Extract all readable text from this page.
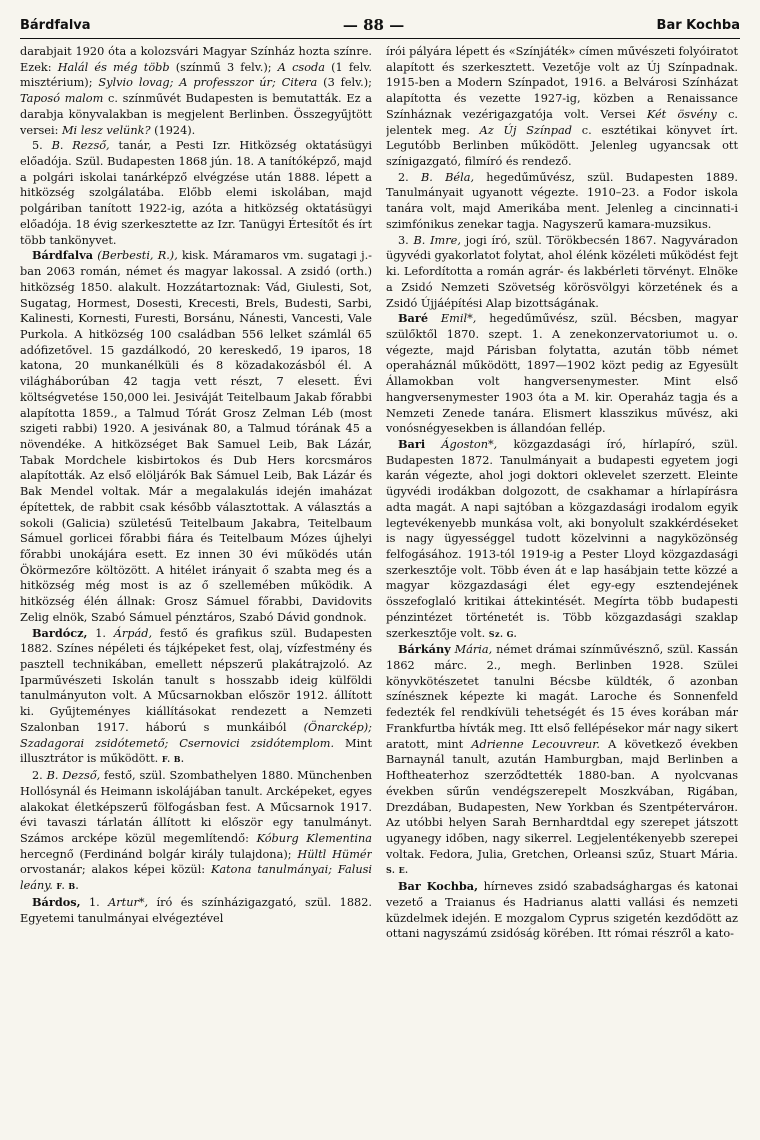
Bárdfalva	— 88 —	Bar Kochba

darabjait 1920 óta a kolozsvári Magyar Színház hozta színre. Ezek: Halál és még több (színmű 3 felv.); A csoda (1 felv. misztérium); Sylvio lovag; A professzor úr; Citera (3 felv.); Taposó malom c. színművét Budapesten is bemutatták. Ez a darabja könyvalakban is megjelent Berlinben. Összegyűjtött versei: Mi lesz velünk? (1924).

5. B. Rezső, tanár, a Pesti Izr. Hitközség oktatásügyi előadója. Szül. Budapesten 1868 jún. 18. A tanítóképző, majd a polgári iskolai tanárképző elvégzése után 1888. lépett a hitközség szolgálatába. Előbb elemi iskolában, majd polgáriban tanított 1922-ig, azóta a hitközség oktatásügyi előadója. 18 évig szerkesztette az Izr. Tanügyi Értesítőt és írt több tankönyvet.

Bárdfalva (Berbesti, R.), kisk. Máramaros vm. sugatagi j.-ban 2063 román, német és magyar lakossal. A zsidó (orth.) hitközség 1850. alakult. Hozzátartoznak: Vád, Giulesti, Sot, Sugatag, Hormest, Dosesti, Krecesti, Brels, Budesti, Sarbi, Kalinesti, Kornesti, Furesti, Borsánu, Nánesti, Vancesti, Vale Purkola. A hitközség 100 családban 556 lelket számlál 65 adófizetővel. 15 gazdálkodó, 20 kereskedő, 19 iparos, 18 katona, 20 munkanélküli és 8 közadakozásból él. A világháborúban 42 tagja vett részt, 7 elesett. Évi költségvetése 150,000 lei. Jesiváját Teitelbaum Jakab főrabbi alapította 1859., a Talmud Tórát Grosz Zelman Léb (most szigeti rabbi) 1920. A jesivának 80, a Talmud tórának 45 a növendéke. A hitközséget Bak Samuel Leib, Bak Lázár, Tabak Mordchele kisbirtokos és Dub Hers korcsmáros alapították. Az első elöljárók Bak Sámuel Leib, Bak Lázár és Bak Mendel voltak. Már a megalakulás idején imaházat építettek, de rabbit csak később választottak. A választás a sokoli (Galicia) születésű Teitelbaum Jakabra, Teitelbaum Sámuel gorlicei főrabbi fiára és Teitelbaum Mózes újhelyi főrabbi unokájára esett. Ez innen 30 évi működés után Ökörmezőre költözött. A hitélet irányait ő szabta meg és a hitközség még most is az ő szellemében működik. A hitközség élén állnak: Grosz Sámuel főrabbi, Davidovits Zelig elnök, Szabó Sámuel pénztáros, Szabó Dávid gondnok.

Bardócz, 1. Árpád, festő és grafikus szül. Budapesten 1882. Színes népéleti és tájképeket fest, olaj, vízfestmény és pasztell technikában, emellett népszerű plakátrajzoló. Az Iparművészeti Iskolán tanult s hosszabb ideig külföldi tanulmányuton volt. A Műcsarnokban először 1912. állított ki. Gyűjteményes kiállításokat rendezett a Nemzeti Szalonban 1917. háború s munkáiból (Önarckép); Szadagorai zsidótemető; Csernovici zsidótemplom. Mint illusztrátor is működött. F. B.

2. B. Dezső, festő, szül. Szombathelyen 1880. Münchenben Hollósynál és Heimann iskolájában tanult. Arcképeket, egyes alakokat életképszerű fölfogásban fest. A Műcsarnok 1917. évi tavaszi tárlatán állított ki először egy tanulmányt. Számos arcképe közül megemlítendő: Kóburg Klementina hercegnő (Ferdinánd bolgár király tulajdona); Hültl Hümér orvostanár; alakos képei közül: Katona tanulmányai; Falusi leány. F. B.

Bárdos, 1. Artur*, író és színházigazgató, szül. 1882. Egyetemi tanulmányai elvégeztével

írói pályára lépett és «Színjáték» címen művészeti folyóiratot alapított és szerkesztett. Vezetője volt az Új Színpadnak. 1915-ben a Modern Színpadot, 1916. a Belvárosi Színházat alapította és vezette 1927-ig, közben a Renaissance Színháznak vezérigazgatója volt. Versei Két ösvény c. jelentek meg. Az Új Színpad c. esztétikai könyvet írt. Legutóbb Berlinben működött. Jelenleg ugyancsak ott színigazgató, filmíró és rendező.

2. B. Béla, hegedűművész, szül. Budapesten 1889. Tanulmányait ugyanott végezte. 1910–23. a Fodor iskola tanára volt, majd Amerikába ment. Jelenleg a cincinnati-i szimfónikus zenekar tagja. Nagyszerű kamara-muzsikus.

3. B. Imre, jogi író, szül. Törökbecsén 1867. Nagyváradon ügyvédi gyakorlatot folytat, ahol élénk közéleti működést fejt ki. Lefordította a román agrár- és lakbérleti törvényt. Elnöke a Zsidó Nemzeti Szövetség körösvölgyi körzetének és a Zsidó Újjáépítési Alap bizottságának.

Baré Emil*, hegedűművész, szül. Bécsben, magyar szülőktől 1870. szept. 1. A zenekonzervatoriumot u. o. végezte, majd Párisban folytatta, azután több német operaháznál működött, 1897—1902 közt pedig az Egyesült Államokban volt hangversenymester. Mint első hangversenymester 1903 óta a M. kir. Operaház tagja és a Nemzeti Zenede tanára. Elismert klasszikus művész, aki vonósnégyesekben is állandóan fellép.

Bari Ágoston*, közgazdasági író, hírlapíró, szül. Budapesten 1872. Tanulmányait a budapesti egyetem jogi karán végezte, ahol jogi doktori oklevelet szerzett. Eleinte ügyvédi irodákban dolgozott, de csakhamar a hírlapírásra adta magát. A napi sajtóban a közgazdasági irodalom egyik legtevékenyebb munkása volt, aki bonyolult szakkérdéseket is nagy ügyességgel tudott közelvinni a nagyközönség felfogásához. 1913-tól 1919-ig a Pester Lloyd közgazdasági szerkesztője volt. Több éven át e lap hasábjain tette közzé a magyar közgazdasági élet egy-egy esztendejének összefoglaló kritikai áttekintését. Megírta több budapesti pénzintézet történetét is. Több közgazdasági szaklap szerkesztője volt. Sz. G.

Bárkány Mária, német drámai színművésznő, szül. Kassán 1862 márc. 2., megh. Berlinben 1928. Szülei könyvkötészetet tanulni Bécsbe küldték, ő azonban színésznek képezte ki magát. Laroche és Sonnenfeld fedezték fel rendkívüli tehetségét és 15 éves korában már Frankfurtba hívták meg. Itt első fellépésekor már nagy sikert aratott, mint Adrienne Lecouvreur. A következő években Barnaynál tanult, azután Hamburgban, majd Berlinben a Hoftheaterhoz szerződtették 1880-ban. A nyolcvanas években sűrűn vendégszerepelt Moszkvában, Rigában, Drezdában, Budapesten, New Yorkban és Szentpétervárон. Az utóbbi helyen Sarah Bernhardtdal egy szerepet játszott ugyanegy időben, nagy sikerrel. Legjelentékenyebb szerepei voltak. Fedora, Julia, Gretchen, Orleansi szűz, Stuart Mária. S. E.

Bar Kochba, hírneves zsidó szabadsághargas és katonai vezető a Traianus és Hadrianus alatti vallási és nemzeti küzdelmek idején. E mozgalom Cyprus szigetén kezdődött az ottani nagyszámú zsidóság körében. Itt római részről a kato-
